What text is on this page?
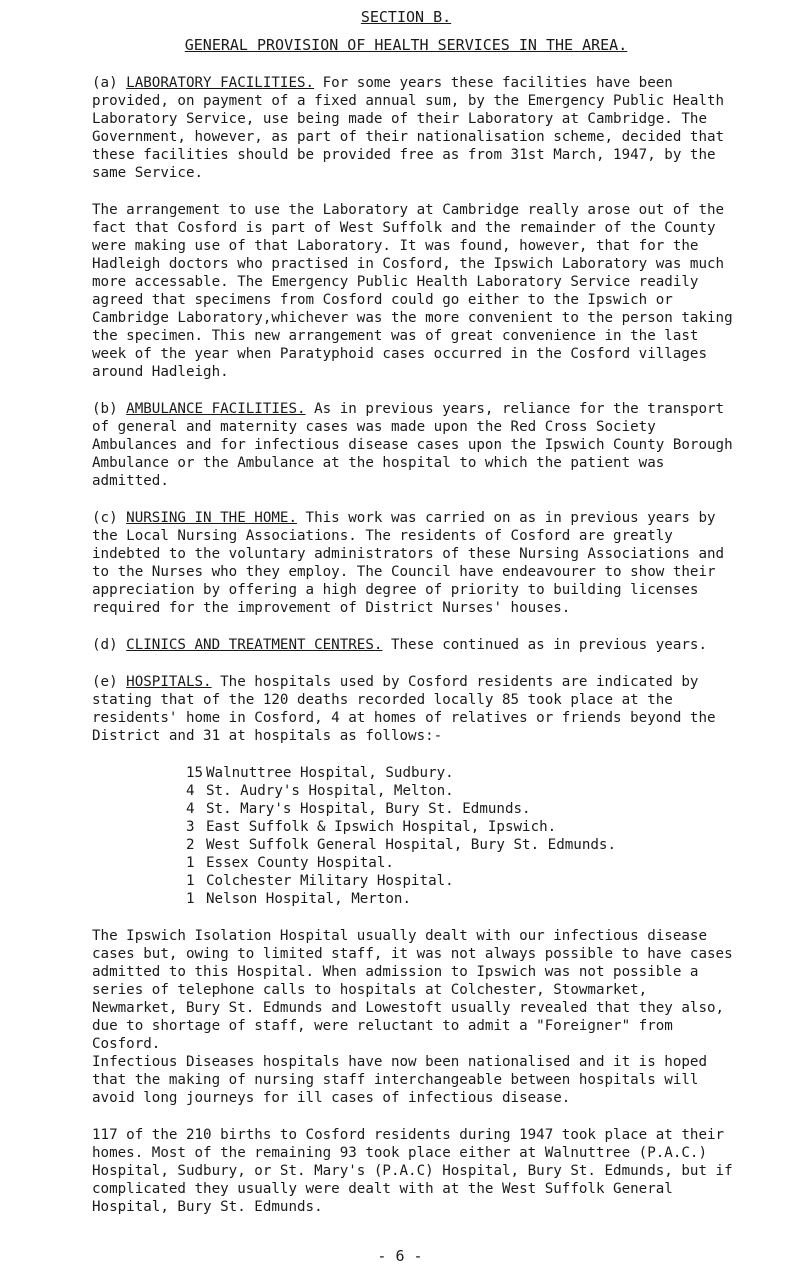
SECTION B.
GENERAL PROVISION OF HEALTH SERVICES IN THE AREA.

(a) LABORATORY FACILITIES. For some years these facilities have been provided, on payment of a fixed annual sum, by the Emergency Public Health Laboratory Service, use being made of their Laboratory at Cambridge. The Government, however, as part of their nationalisation scheme, decided that these facilities should be provided free as from 31st March, 1947, by the same Service.

The arrangement to use the Laboratory at Cambridge really arose out of the fact that Cosford is part of West Suffolk and the remainder of the County were making use of that Laboratory. It was found, however, that for the Hadleigh doctors who practised in Cosford, the Ipswich Laboratory was much more accessable. The Emergency Public Health Laboratory Service readily agreed that specimens from Cosford could go either to the Ipswich or Cambridge Laboratory,whichever was the more convenient to the person taking the specimen. This new arrangement was of great convenience in the last week of the year when Paratyphoid cases occurred in the Cosford villages around Hadleigh.

(b) AMBULANCE FACILITIES. As in previous years, reliance for the transport of general and maternity cases was made upon the Red Cross Society Ambulances and for infectious disease cases upon the Ipswich County Borough Ambulance or the Ambulance at the hospital to which the patient was admitted.

(c) NURSING IN THE HOME. This work was carried on as in previous years by the Local Nursing Associations. The residents of Cosford are greatly indebted to the voluntary administrators of these Nursing Associations and to the Nurses who they employ. The Council have endeavourer to show their appreciation by offering a high degree of priority to building licenses required for the improvement of District Nurses' houses.

(d) CLINICS AND TREATMENT CENTRES. These continued as in previous years.

(e) HOSPITALS. The hospitals used by Cosford residents are indicated by stating that of the 120 deaths recorded locally 85 took place at the residents' home in Cosford, 4 at homes of relatives or friends beyond the District and 31 at hospitals as follows:-

15 Walnuttree Hospital, Sudbury.
4 St. Audry's Hospital, Melton.
4 St. Mary's Hospital, Bury St. Edmunds.
3 East Suffolk & Ipswich Hospital, Ipswich.
2 West Suffolk General Hospital, Bury St. Edmunds.
1 Essex County Hospital.
1 Colchester Military Hospital.
1 Nelson Hospital, Merton.

The Ipswich Isolation Hospital usually dealt with our infectious disease cases but, owing to limited staff, it was not always possible to have cases admitted to this Hospital. When admission to Ipswich was not possible a series of telephone calls to hospitals at Colchester, Stowmarket, Newmarket, Bury St. Edmunds and Lowestoft usually revealed that they also, due to shortage of staff, were reluctant to admit a "Foreigner" from Cosford.

Infectious Diseases hospitals have now been nationalised and it is hoped that the making of nursing staff interchangeable between hospitals will avoid long journeys for ill cases of infectious disease.

117 of the 210 births to Cosford residents during 1947 took place at their homes. Most of the remaining 93 took place either at Walnuttree (P.A.C.) Hospital, Sudbury, or St. Mary's (P.A.C) Hospital, Bury St. Edmunds, but if complicated they usually were dealt with at the West Suffolk General Hospital, Bury St. Edmunds.

- 6 -
